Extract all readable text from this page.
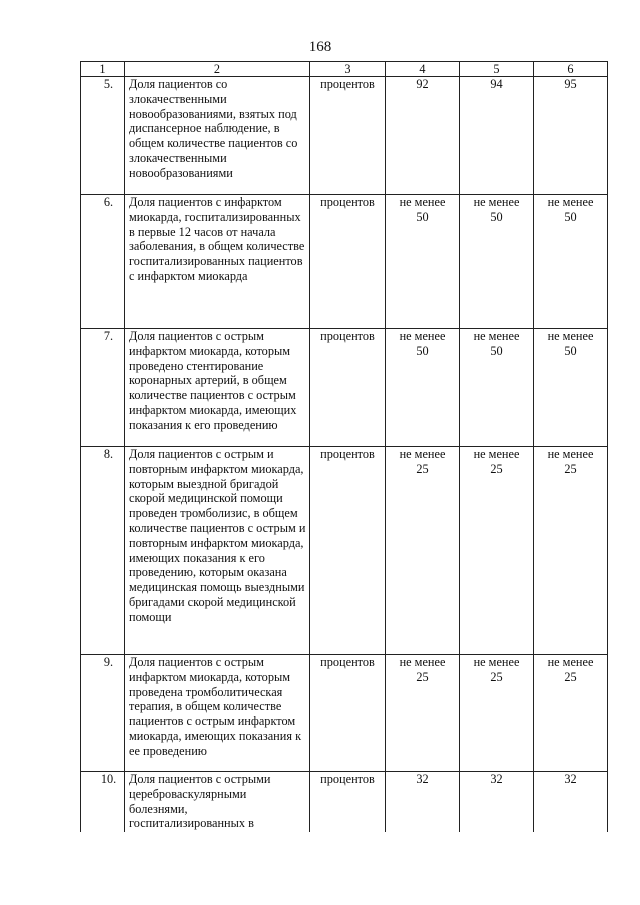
168
1	2	3	4	5	6
5.	Доля пациентов со злокачественными новообразованиями, взятых под диспансерное наблюдение, в общем количестве пациентов со злокачественными новообразованиями	процентов	92	94	95
6.	Доля пациентов с инфарктом миокарда, госпитализированных в первые 12 часов от начала заболевания, в общем количестве госпитализированных пациентов с инфарктом миокарда	процентов	не менее
50	не менее
50	не менее
50
7.	Доля пациентов с острым инфарктом миокарда, которым проведено стентирование коронарных артерий, в общем количестве пациентов с острым инфарктом миокарда, имеющих показания к его проведению	процентов	не менее
50	не менее
50	не менее
50
8.	Доля пациентов с острым и повторным инфарктом миокарда, которым выездной бригадой скорой медицинской помощи проведен тромболизис, в общем количестве пациентов с острым и повторным инфарктом миокарда, имеющих показания к его проведению, которым оказана медицинская помощь выездными бригадами скорой медицинской помощи	процентов	не менее
25	не менее
25	не менее
25
9.	Доля пациентов с острым инфарктом миокарда, которым проведена тромболитическая терапия, в общем количестве пациентов с острым инфарктом миокарда, имеющих показания к ее проведению	процентов	не менее
25	не менее
25	не менее
25
10.	Доля пациентов с острыми цереброваскулярными болезнями, госпитализированных в	процентов	32	32	32
